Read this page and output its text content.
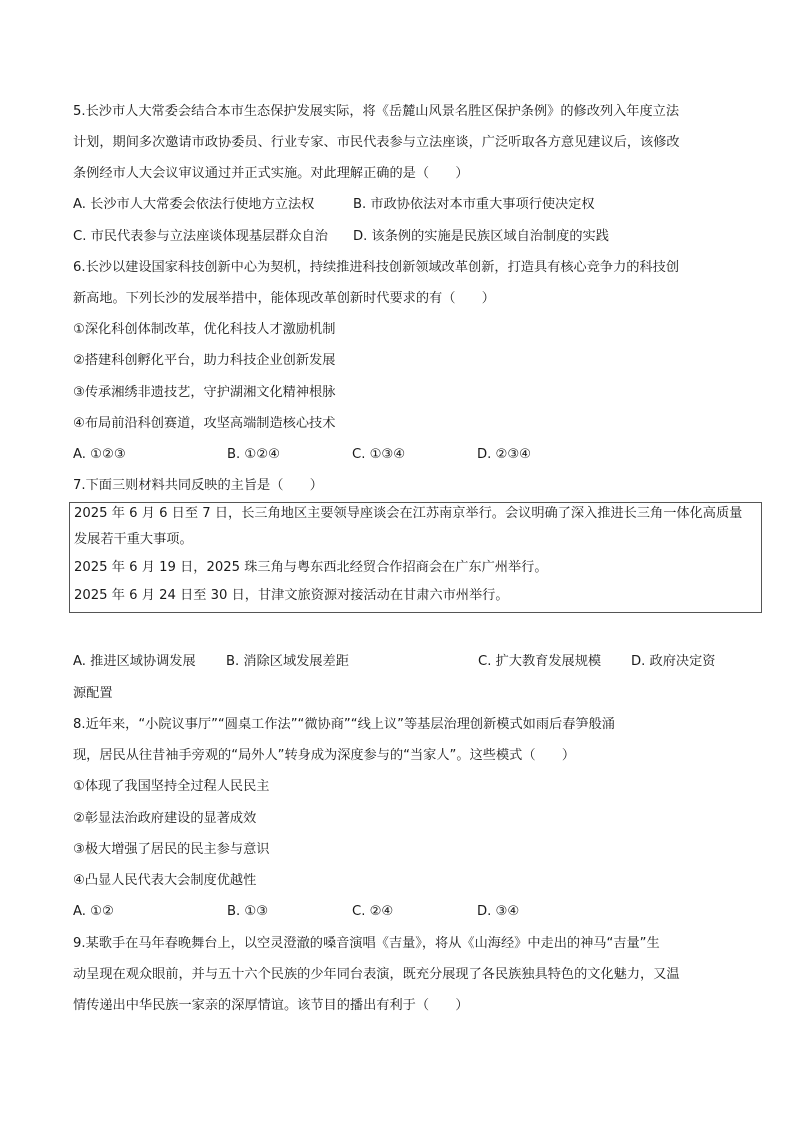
5.长沙市人大常委会结合本市生态保护发展实际，将《岳麓山风景名胜区保护条例》的修改列入年度立法
计划，期间多次邀请市政协委员、行业专家、市民代表参与立法座谈，广泛听取各方意见建议后，该修改
条例经市人大会议审议通过并正式实施。对此理解正确的是（　　）
A. 长沙市人大常委会依法行使地方立法权	B. 市政协依法对本市重大事项行使决定权
C. 市民代表参与立法座谈体现基层群众自治 D. 该条例的实施是民族区域自治制度的实践
6.长沙以建设国家科技创新中心为契机，持续推进科技创新领域改革创新，打造具有核心竞争力的科技创
新高地。下列长沙的发展举措中，能体现改革创新时代要求的有（　　）
①深化科创体制改革，优化科技人才激励机制
②搭建科创孵化平台，助力科技企业创新发展
③传承湘绣非遗技艺，守护湖湘文化精神根脉
④布局前沿科创赛道，攻坚高端制造核心技术
A. ①②③	B. ①②④	C. ①③④	D. ②③④
7.下面三则材料共同反映的主旨是（　　）
2025 年 6 月 6 日至 7 日，长三角地区主要领导座谈会在江苏南京举行。会议明确了深入推进长三角一体化高质量
发展若干重大事项。
2025 年 6 月 19 日，2025 珠三角与粤东西北经贸合作招商会在广东广州举行。
2025 年 6 月 24 日至 30 日，甘津文旅资源对接活动在甘肃六市州举行。
A. 推进区域协调发展 B. 消除区域发展差距	C. 扩大教育发展规模 D. 政府决定资
源配置
8.近年来，“小院议事厅”“圆桌工作法”“微协商”“线上议”等基层治理创新模式如雨后春笋般涌
现，居民从往昔袖手旁观的“局外人”转身成为深度参与的“当家人”。这些模式（　　）
①体现了我国坚持全过程人民民主
②彰显法治政府建设的显著成效
③极大增强了居民的民主参与意识
④凸显人民代表大会制度优越性
A. ①②	B. ①③	C. ②④	D. ③④
9.某歌手在马年春晚舞台上，以空灵澄澈的嗓音演唱《吉量》，将从《山海经》中走出的神马“吉量”生
动呈现在观众眼前，并与五十六个民族的少年同台表演，既充分展现了各民族独具特色的文化魅力，又温
情传递出中华民族一家亲的深厚情谊。该节目的播出有利于（　　）
